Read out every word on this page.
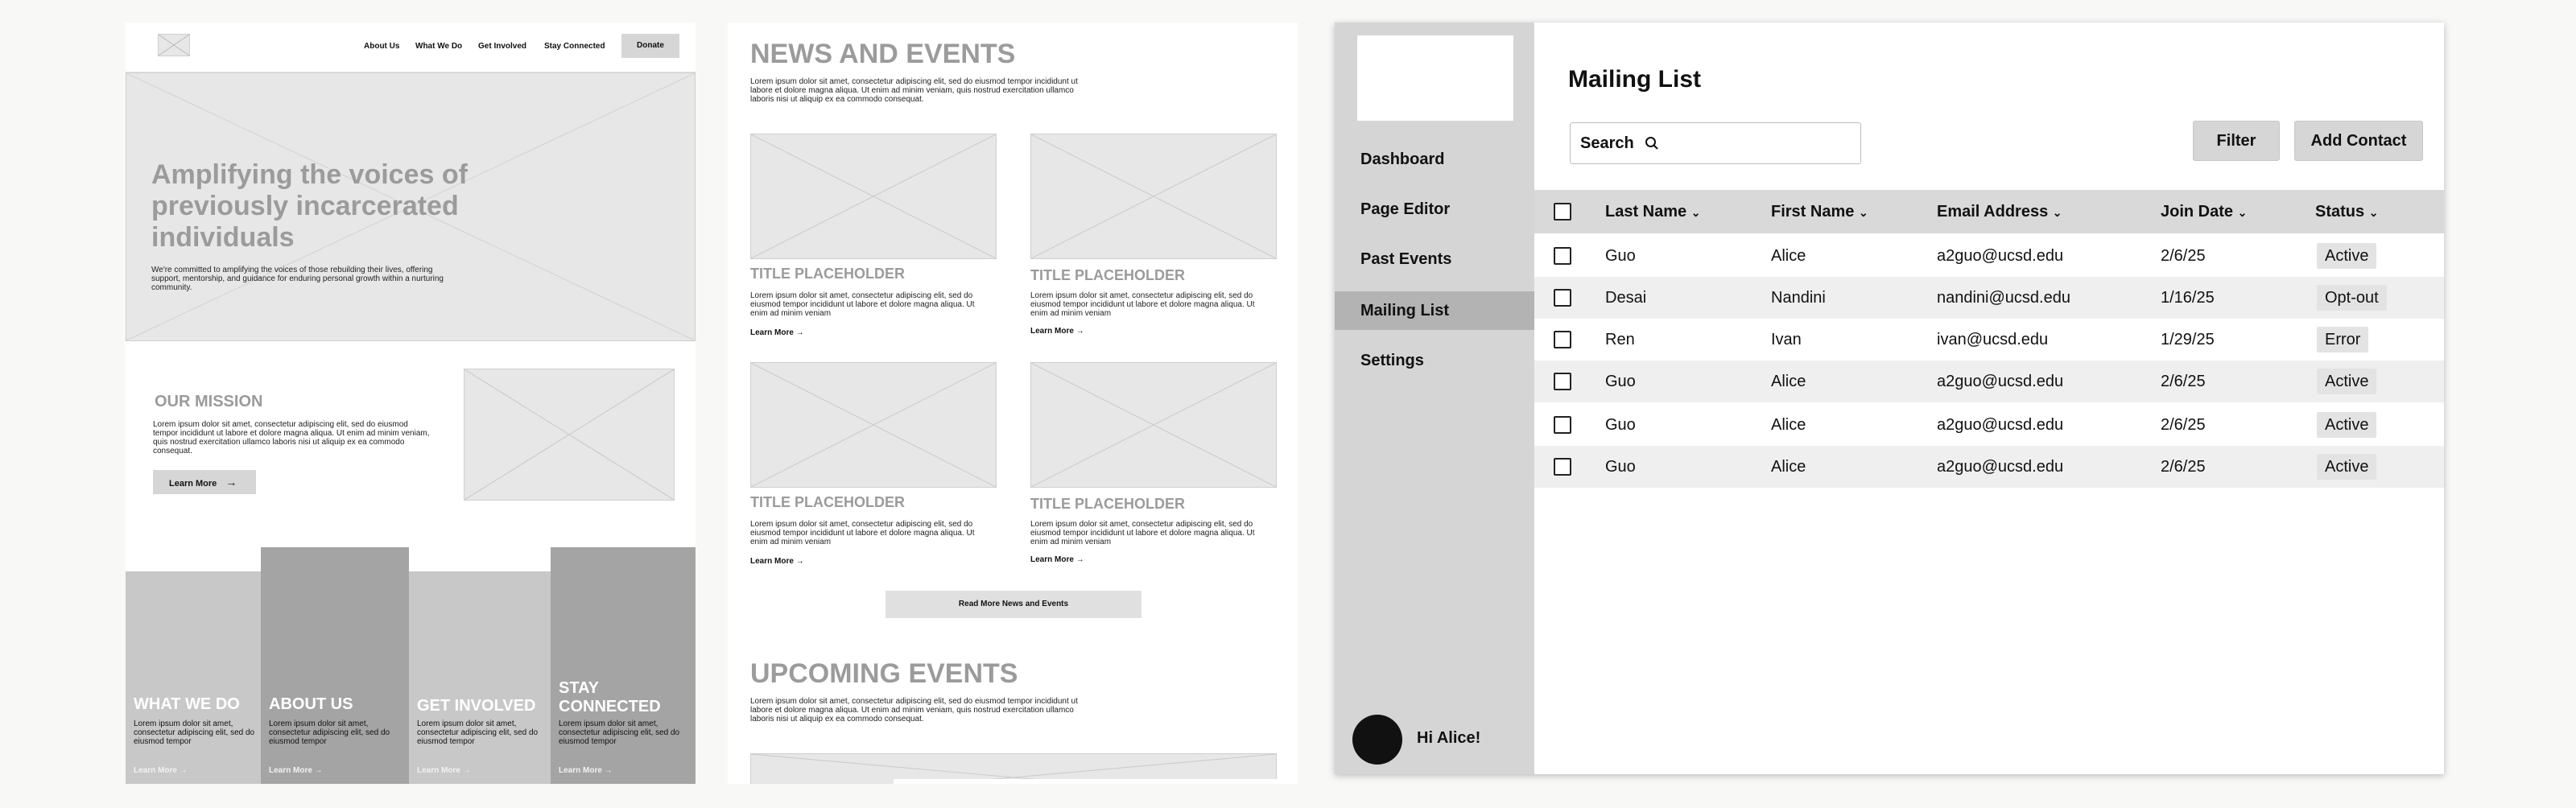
About Us What We Do Get Involved Stay Connected	Donate
Amplifying the voices of previously incarcerated individuals
We're committed to amplifying the voices of those rebuilding their lives, offering support, mentorship, and guidance for enduring personal growth within a nurturing community.
OUR MISSION
Lorem ipsum dolor sit amet, consectetur adipiscing elit, sed do eiusmod tempor incididunt ut labore et dolore magna aliqua. Ut enim ad minim veniam, quis nostrud exercitation ullamco laboris nisi ut aliquip ex ea commodo consequat.
Learn More →
WHAT WE DO

Lorem ipsum dolor sit amet, consectetur adipiscing elit, sed do eiusmod tempor

Learn More →
ABOUT US

Lorem ipsum dolor sit amet, consectetur adipiscing elit, sed do eiusmod tempor

Learn More →
GET INVOLVED

Lorem ipsum dolor sit amet, consectetur adipiscing elit, sed do eiusmod tempor

Learn More →
STAY CONNECTED

Lorem ipsum dolor sit amet, consectetur adipiscing elit, sed do eiusmod tempor

Learn More →
NEWS AND EVENTS
Lorem ipsum dolor sit amet, consectetur adipiscing elit, sed do eiusmod tempor incididunt ut labore et dolore magna aliqua. Ut enim ad minim veniam, quis nostrud exercitation ullamco laboris nisi ut aliquip ex ea commodo consequat.
TITLE PLACEHOLDER
Lorem ipsum dolor sit amet, consectetur adipiscing elit, sed do eiusmod tempor incididunt ut labore et dolore magna aliqua. Ut enim ad minim veniam
Learn More →
TITLE PLACEHOLDER
Lorem ipsum dolor sit amet, consectetur adipiscing elit, sed do eiusmod tempor incididunt ut labore et dolore magna aliqua. Ut enim ad minim veniam
Learn More →
TITLE PLACEHOLDER
Lorem ipsum dolor sit amet, consectetur adipiscing elit, sed do eiusmod tempor incididunt ut labore et dolore magna aliqua. Ut enim ad minim veniam
Learn More →
TITLE PLACEHOLDER
Lorem ipsum dolor sit amet, consectetur adipiscing elit, sed do eiusmod tempor incididunt ut labore et dolore magna aliqua. Ut enim ad minim veniam
Learn More →
Read More News and Events
UPCOMING EVENTS
Lorem ipsum dolor sit amet, consectetur adipiscing elit, sed do eiusmod tempor incididunt ut labore et dolore magna aliqua. Ut enim ad minim veniam, quis nostrud exercitation ullamco laboris nisi ut aliquip ex ea commodo consequat.
Dashboard
Page Editor
Past Events
Mailing List
Settings
Hi Alice!
Mailing List
Search	Filter	Add Contact
Last Name ⌄	First Name ⌄	Email Address ⌄	Join Date ⌄	Status ⌄
Guo	Alice	a2guo@ucsd.edu	2/6/25	Active
Desai	Nandini	nandini@ucsd.edu	1/16/25	Opt-out
Ren	Ivan	ivan@ucsd.edu	1/29/25	Error
Guo	Alice	a2guo@ucsd.edu	2/6/25	Active
Guo	Alice	a2guo@ucsd.edu	2/6/25	Active
Guo	Alice	a2guo@ucsd.edu	2/6/25	Active
